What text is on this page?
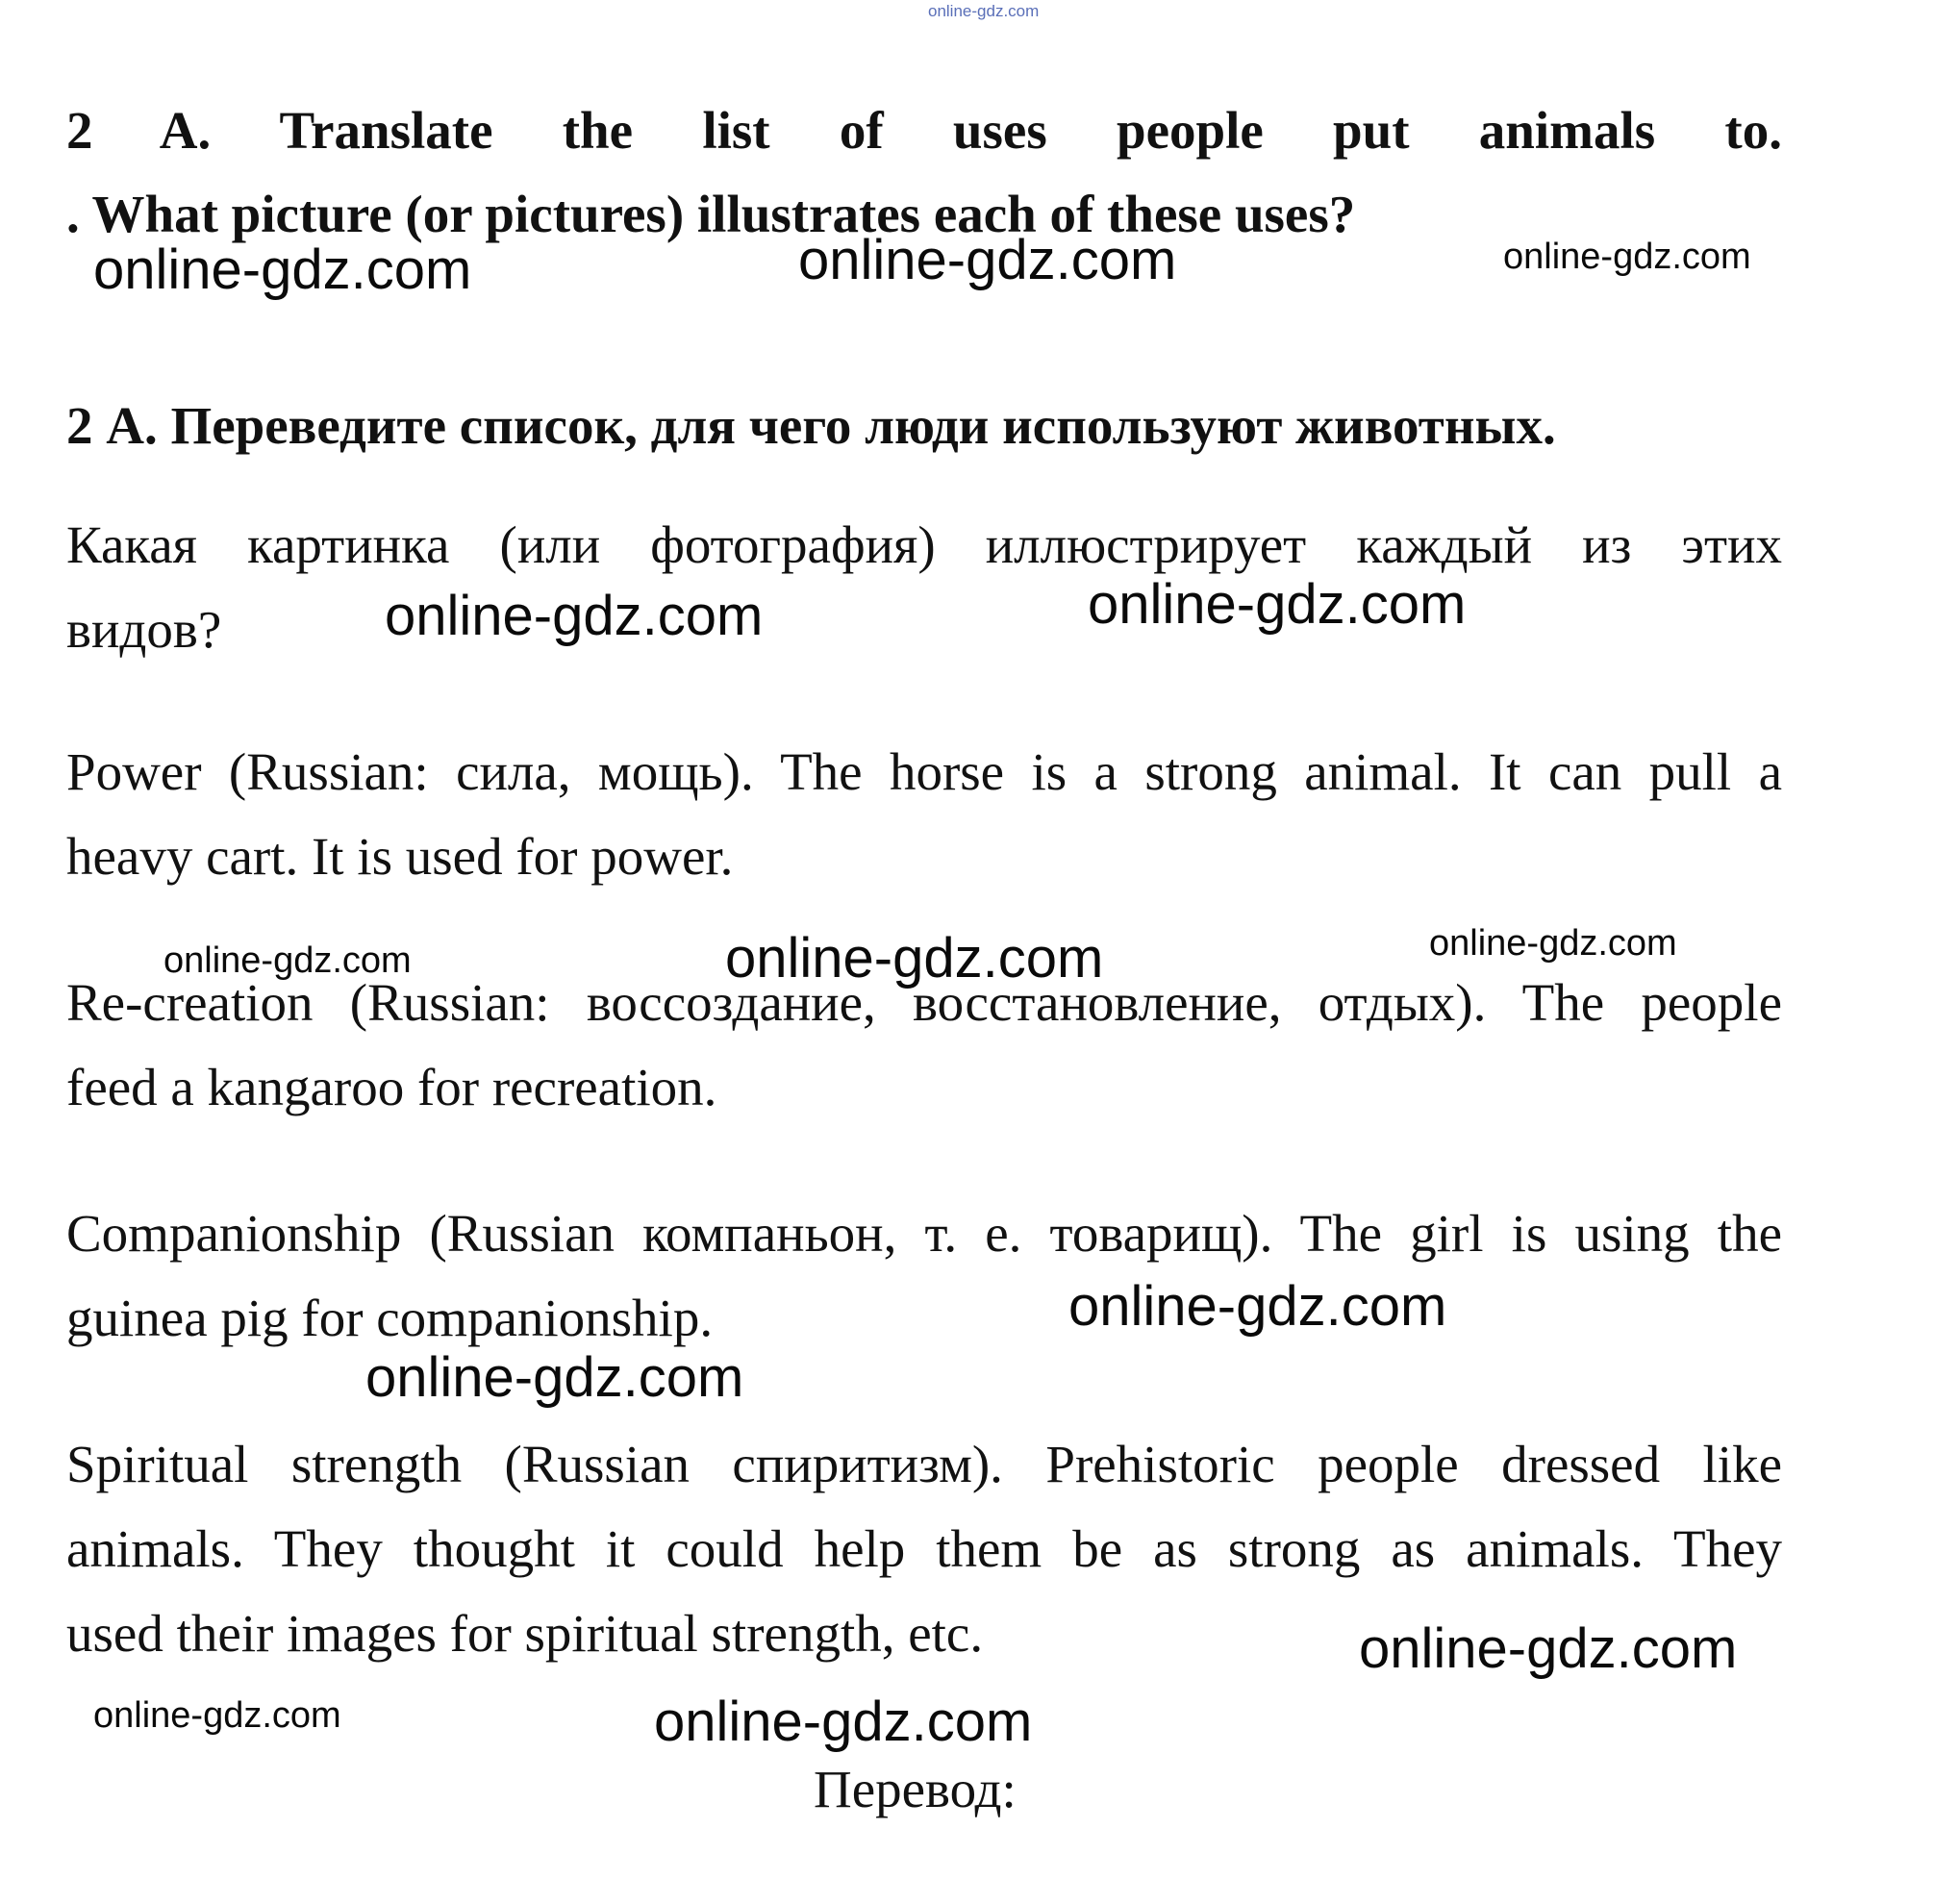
online-gdz.com
2 A. Translate the list of uses people put animals to.
. What picture (or pictures) illustrates each of these uses?
2 А. Переведите список, для чего люди используют животных.
Какая картинка (или фотография) иллюстрирует каждый из этих
видов?
Power (Russian: сила, мощь). The horse is a strong animal. It can pull a
heavy cart. It is used for power.
Re-creation (Russian: воссоздание, восстановление, отдых). The people
feed a kangaroo for recreation.
Companionship (Russian компаньон, т. е. товарищ). The girl is using the
guinea pig for companionship.
Spiritual strength (Russian спиритизм). Prehistoric people dressed like
animals. They thought it could help them be as strong as animals. They
used their images for spiritual strength, etc.
Перевод:
online-gdz.com	online-gdz.com	online-gdz.com
online-gdz.com	online-gdz.com
online-gdz.com	online-gdz.com	online-gdz.com
online-gdz.com
online-gdz.com
online-gdz.com
online-gdz.com	online-gdz.com
